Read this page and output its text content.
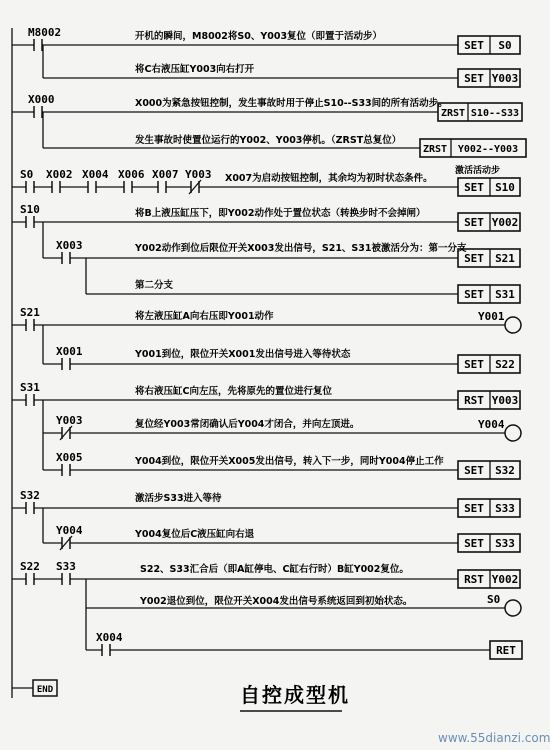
M8002
X000
S0 X002 X004 X006 X007 Y003
S10
X003
S21
X001
S31
Y003
X005
S32
Y004
S22 S33
X004
SET S0
SET Y003
ZRST S10--S33
ZRST Y002--Y003
SET S10
SET Y002
SET S21
SET S31
SET S22
RST Y003
SET S32
SET S33
SET S33
RST Y002
RET
Y001
Y004
S0
END
开机的瞬间，M8002将S0、Y003复位（即置于活动步）
将C右液压缸Y003向右打开
X000为紧急按钮控制，发生事故时用于停止S10--S33间的所有活动步。
发生事故时使置位运行的Y002、Y003停机。（ZRST总复位）
激活活动步
X007为启动按钮控制，其余均为初时状态条件。
将B上液压缸压下，即Y002动作处于置位状态（转换步时不会掉闸）
Y002动作到位后限位开关X003发出信号，S21、S31被激活分为：第一分支
第二分支
将左液压缸A向右压即Y001动作
Y001到位，限位开关X001发出信号进入等待状态
将右液压缸C向左压，先将原先的置位进行复位
复位经Y003常闭确认后Y004才闭合，并向左顶进。
Y004到位，限位开关X005发出信号，转入下一步，同时Y004停止工作
激活步S33进入等待
Y004复位后C液压缸向右退
S22、S33汇合后（即A缸停电、C缸右行时）B缸Y002复位。
Y002退位到位，限位开关X004发出信号系统返回到初始状态。
自控成型机
www.55dianzi.com
